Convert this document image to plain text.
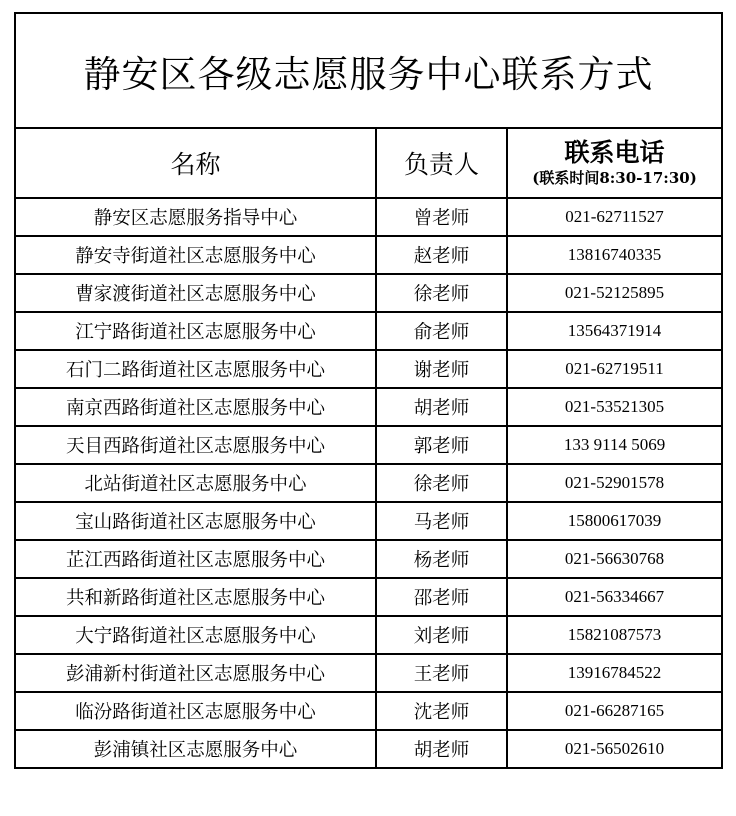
静安区各级志愿服务中心联系方式		
名称	负责人	联系电话
(联系时间8:30-17:30)

静安区志愿服务指导中心	曾老师	021-62711527
静安寺街道社区志愿服务中心	赵老师	13816740335
曹家渡街道社区志愿服务中心	徐老师	021-52125895
江宁路街道社区志愿服务中心	俞老师	13564371914
石门二路街道社区志愿服务中心	谢老师	021-62719511
南京西路街道社区志愿服务中心	胡老师	021-53521305
天目西路街道社区志愿服务中心	郭老师	133 9114 5069
北站街道社区志愿服务中心	徐老师	021-52901578
宝山路街道社区志愿服务中心	马老师	15800617039
芷江西路街道社区志愿服务中心	杨老师	021-56630768
共和新路街道社区志愿服务中心	邵老师	021-56334667
大宁路街道社区志愿服务中心	刘老师	15821087573
彭浦新村街道社区志愿服务中心	王老师	13916784522
临汾路街道社区志愿服务中心	沈老师	021-66287165
彭浦镇社区志愿服务中心	胡老师	021-56502610
